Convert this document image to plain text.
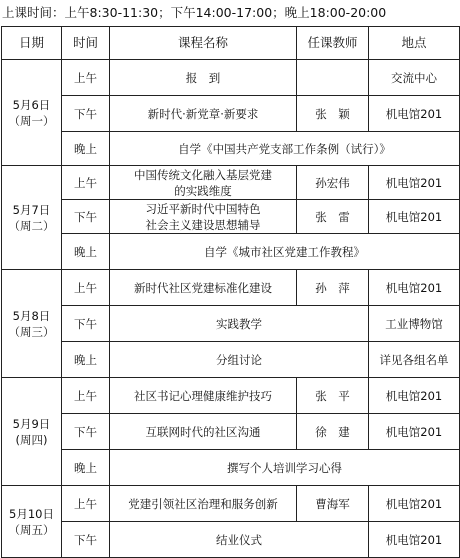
上课时间：上午8:30-11:30；下午14:00-17:00；晚上18:00-20:00
日期	时间	课程名称	任课教师	地点

5月6日
（周一）	上午	报　到		交流中心
	下午	新时代·新党章·新要求	张　颖	机电馆201
	晚上	自学《中国共产党支部工作条例（试行）》		

5月7日
（周二）	上午	中国传统文化融入基层党建
的实践维度	孙宏伟	机电馆201
	下午	习近平新时代中国特色
社会主义建设思想辅导	张　雷	机电馆201
	晚上	自学《城市社区党建工作教程》		

5月8日
（周三）	上午	新时代社区党建标准化建设	孙　萍	机电馆201
	下午	实践教学		工业博物馆
	晚上	分组讨论		详见各组名单

5月9日
(周四)	上午	社区书记心理健康维护技巧	张　平	机电馆201
	下午	互联网时代的社区沟通	徐　建	机电馆201
	晚上	撰写个人培训学习心得		

5月10日
（周五）	上午	党建引领社区治理和服务创新	曹海军	机电馆201
	下午	结业仪式		机电馆201
